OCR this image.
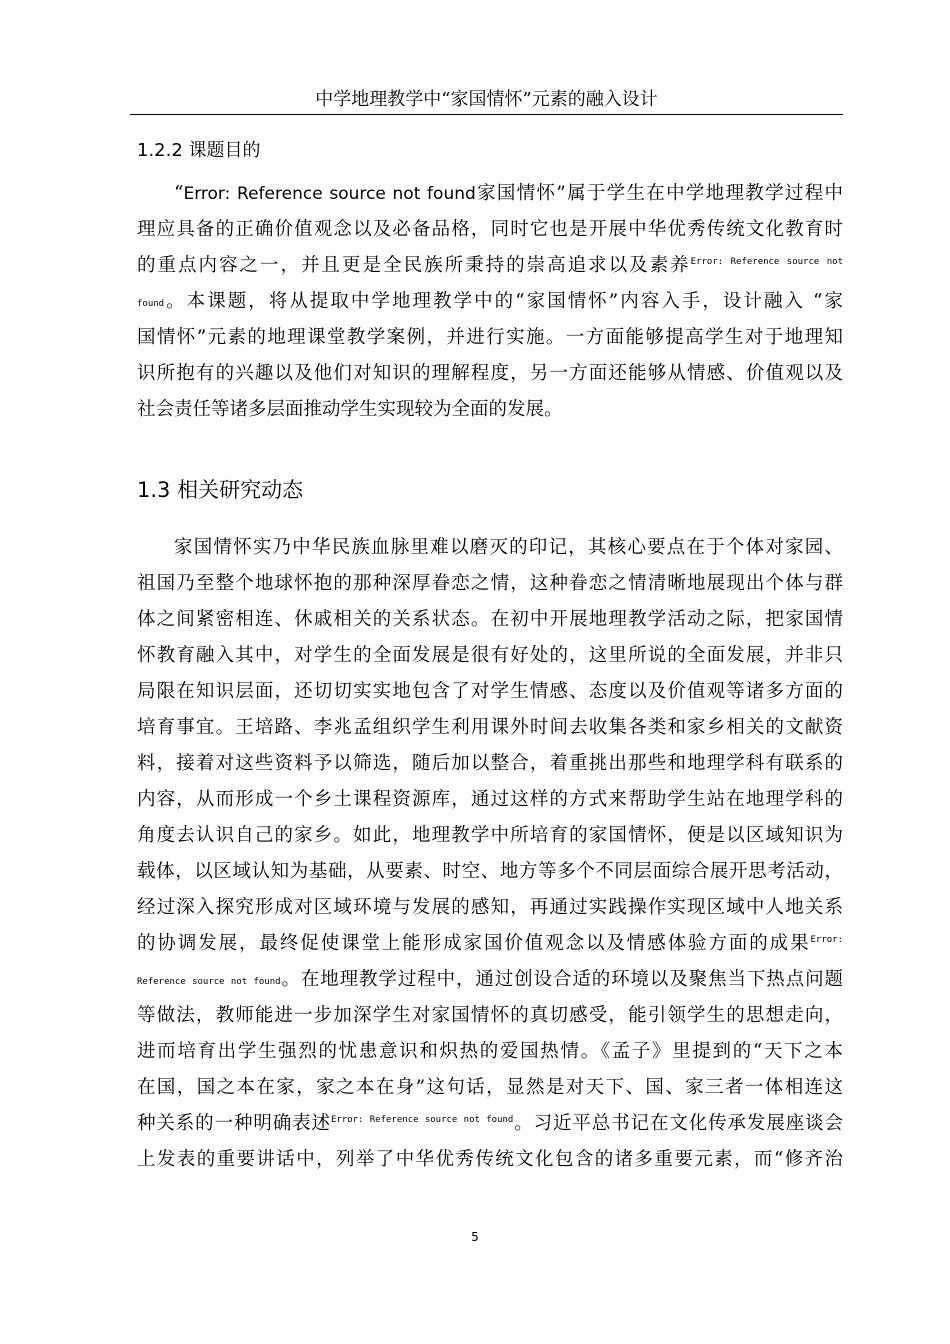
中学地理教学中“家国情怀”元素的融入设计
1.2.2 课题目的
“Error: Reference source not found家国情怀”属于学生在中学地理教学过程中
理应具备的正确价值观念以及必备品格，同时它也是开展中华优秀传统文化教育时
的重点内容之一，并且更是全民族所秉持的崇高追求以及素养$^{Error: Reference source not}$
found。本课题，将从提取中学地理教学中的“家国情怀”内容入手，设计融入 “家
国情怀”元素的地理课堂教学案例，并进行实施。一方面能够提高学生对于地理知
识所抱有的兴趣以及他们对知识的理解程度，另一方面还能够从情感、价值观以及
社会责任等诸多层面推动学生实现较为全面的发展。
1.3 相关研究动态
家国情怀实乃中华民族血脉里难以磨灭的印记，其核心要点在于个体对家园、
祖国乃至整个地球怀抱的那种深厚眷恋之情，这种眷恋之情清晰地展现出个体与群
体之间紧密相连、休戚相关的关系状态。在初中开展地理教学活动之际，把家国情
怀教育融入其中，对学生的全面发展是很有好处的，这里所说的全面发展，并非只
局限在知识层面，还切切实实地包含了对学生情感、态度以及价值观等诸多方面的
培育事宜。王培路、李兆孟组织学生利用课外时间去收集各类和家乡相关的文献资
料，接着对这些资料予以筛选，随后加以整合，着重挑出那些和地理学科有联系的
内容，从而形成一个乡土课程资源库，通过这样的方式来帮助学生站在地理学科的
角度去认识自己的家乡。如此，地理教学中所培育的家国情怀，便是以区域知识为
载体，以区域认知为基础，从要素、时空、地方等多个不同层面综合展开思考活动，
经过深入探究形成对区域环境与发展的感知，再通过实践操作实现区域中人地关系
的协调发展，最终促使课堂上能形成家国价值观念以及情感体验方面的成果$^{Error:}$
Reference source not found。在地理教学过程中，通过创设合适的环境以及聚焦当下热点问题
等做法，教师能进一步加深学生对家国情怀的真切感受，能引领学生的思想走向，
进而培育出学生强烈的忧患意识和炽热的爱国热情。《孟子》里提到的“天下之本
在国，国之本在家，家之本在身”这句话，显然是对天下、国、家三者一体相连这
种关系的一种明确表述$^{Error: Reference source not found}$。习近平总书记在文化传承发展座谈会
上发表的重要讲话中，列举了中华优秀传统文化包含的诸多重要元素，而“修齐治
5
